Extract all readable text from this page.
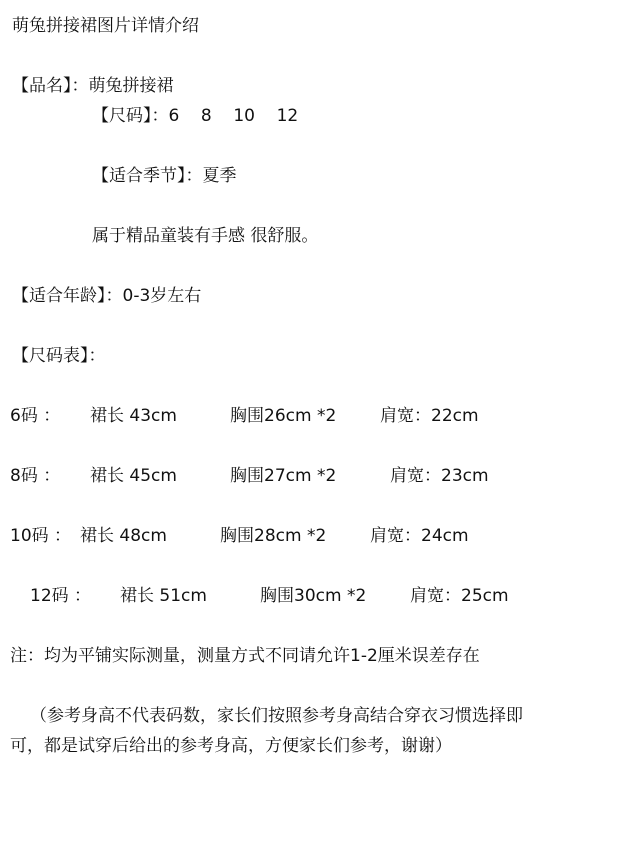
萌兔拼接裙图片详情介绍
【品名】：萌兔拼接裙
【尺码】：6    8    10    12
【适合季节】：夏季
属于精品童装有手感 很舒服。
【适合年龄】：0-3岁左右
【尺码表】：
6码 ： 裙长 43cm	胸围26cm *2	肩宽：22cm
8码 ： 裙长 45cm	胸围27cm *2	肩宽：23cm
10码 ： 裙长 48cm	胸围28cm *2	肩宽：24cm
12码 ： 裙长 51cm	胸围30cm *2	肩宽：25cm
注：均为平铺实际测量，测量方式不同请允许1-2厘米误差存在
（参考身高不代表码数，家长们按照参考身高结合穿衣习惯选择即
可，都是试穿后给出的参考身高，方便家长们参考，谢谢）
